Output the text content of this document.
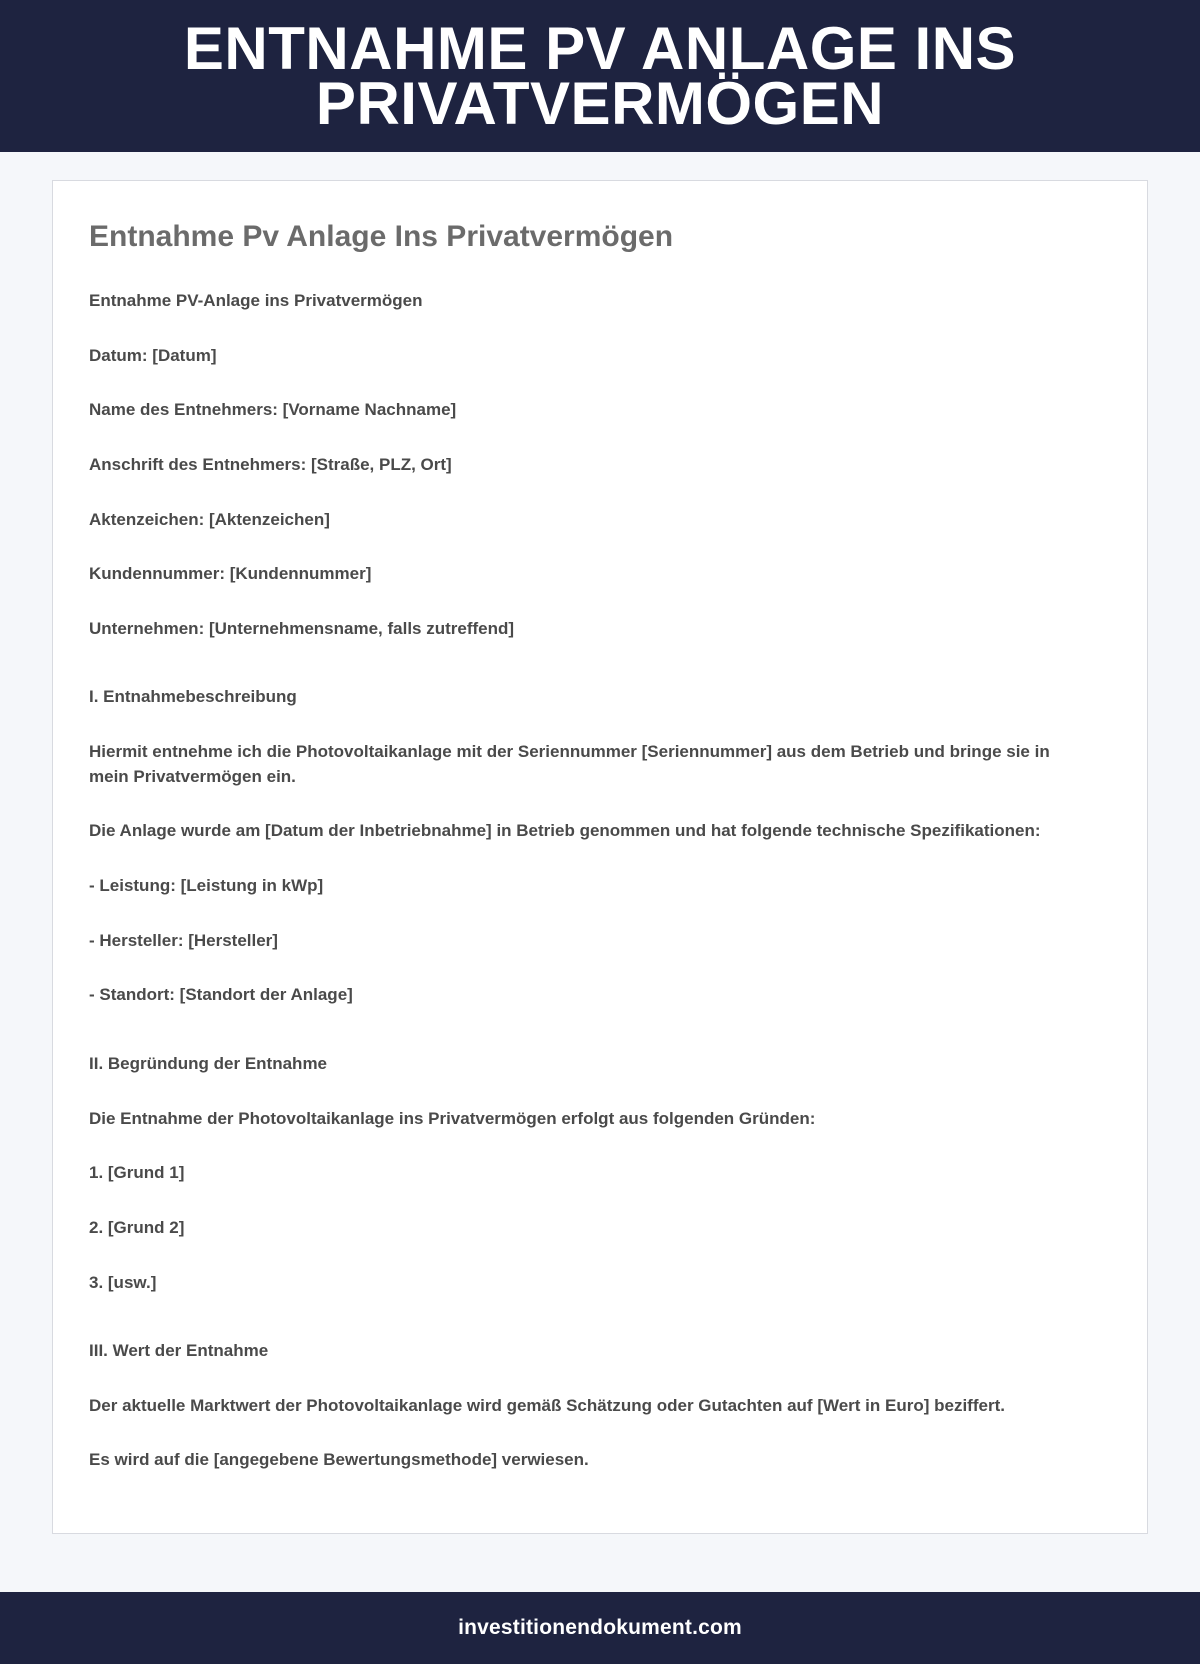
ENTNAHME PV ANLAGE INS PRIVATVERMÖGEN
Entnahme Pv Anlage Ins Privatvermögen

Entnahme PV-Anlage ins Privatvermögen

Datum: [Datum]

Name des Entnehmers: [Vorname Nachname]

Anschrift des Entnehmers: [Straße, PLZ, Ort]

Aktenzeichen: [Aktenzeichen]

Kundennummer: [Kundennummer]

Unternehmen: [Unternehmensname, falls zutreffend]

I. Entnahmebeschreibung

Hiermit entnehme ich die Photovoltaikanlage mit der Seriennummer [Seriennummer] aus dem Betrieb und bringe sie in mein Privatvermögen ein.

Die Anlage wurde am [Datum der Inbetriebnahme] in Betrieb genommen und hat folgende technische Spezifikationen:

- Leistung: [Leistung in kWp]

- Hersteller: [Hersteller]

- Standort: [Standort der Anlage]

II. Begründung der Entnahme

Die Entnahme der Photovoltaikanlage ins Privatvermögen erfolgt aus folgenden Gründen:

1. [Grund 1]

2. [Grund 2]

3. [usw.]

III. Wert der Entnahme

Der aktuelle Marktwert der Photovoltaikanlage wird gemäß Schätzung oder Gutachten auf [Wert in Euro] beziffert.

Es wird auf die [angegebene Bewertungsmethode] verwiesen.

investitionendokument.com
